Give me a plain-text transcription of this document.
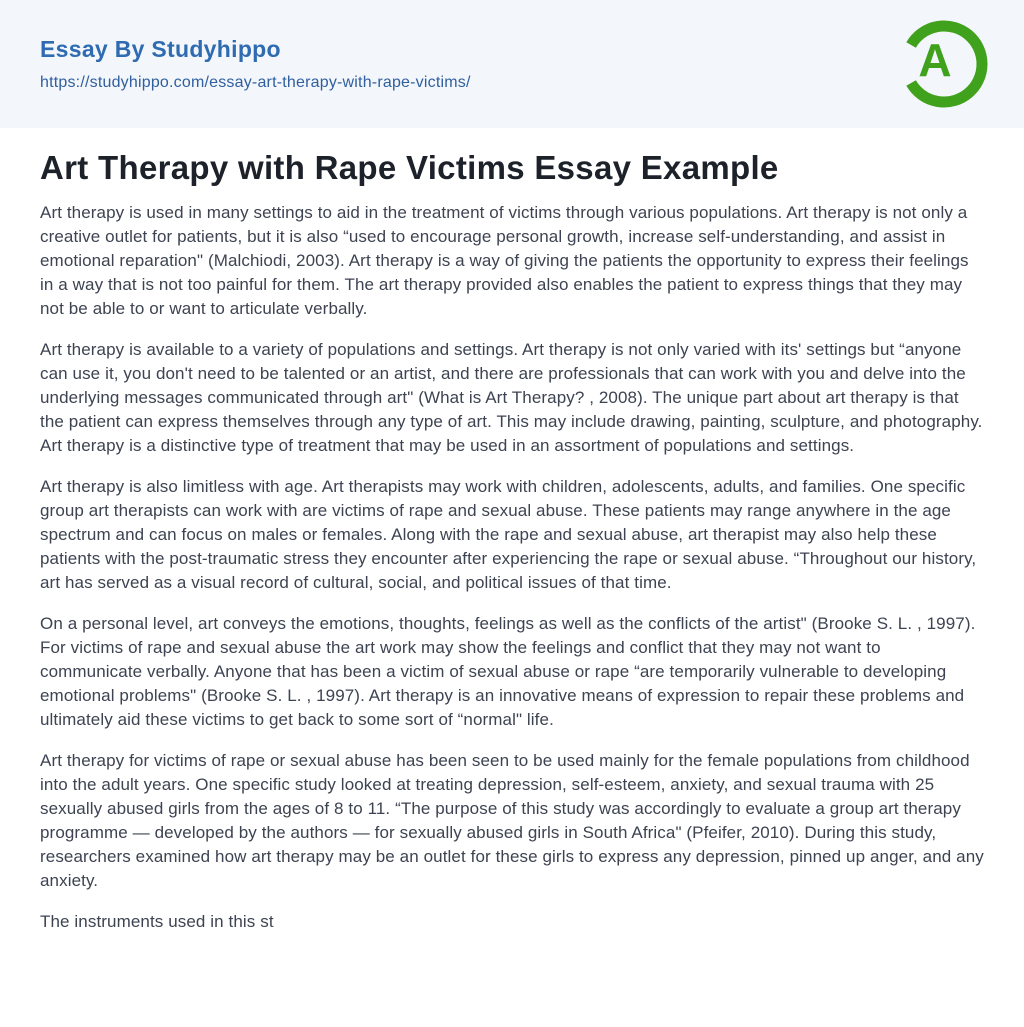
Essay By Studyhippo
https://studyhippo.com/essay-art-therapy-with-rape-victims/	A
Art Therapy with Rape Victims Essay Example

Art therapy is used in many settings to aid in the treatment of victims through various populations. Art therapy is not only a creative outlet for patients, but it is also “used to encourage personal growth, increase self-understanding, and assist in emotional reparation" (Malchiodi, 2003). Art therapy is a way of giving the patients the opportunity to express their feelings in a way that is not too painful for them. The art therapy provided also enables the patient to express things that they may not be able to or want to articulate verbally.

Art therapy is available to a variety of populations and settings. Art therapy is not only varied with its' settings but “anyone can use it, you don't need to be talented or an artist, and there are professionals that can work with you and delve into the underlying messages communicated through art" (What is Art Therapy? , 2008). The unique part about art therapy is that the patient can express themselves through any type of art. This may include drawing, painting, sculpture, and photography. Art therapy is a distinctive type of treatment that may be used in an assortment of populations and settings.

Art therapy is also limitless with age. Art therapists may work with children, adolescents, adults, and families. One specific group art therapists can work with are victims of rape and sexual abuse. These patients may range anywhere in the age spectrum and can focus on males or females. Along with the rape and sexual abuse, art therapist may also help these patients with the post-traumatic stress they encounter after experiencing the rape or sexual abuse. “Throughout our history, art has served as a visual record of cultural, social, and political issues of that time.

On a personal level, art conveys the emotions, thoughts, feelings as well as the conflicts of the artist" (Brooke S. L. , 1997). For victims of rape and sexual abuse the art work may show the feelings and conflict that they may not want to communicate verbally. Anyone that has been a victim of sexual abuse or rape “are temporarily vulnerable to developing emotional problems" (Brooke S. L. , 1997). Art therapy is an innovative means of expression to repair these problems and ultimately aid these victims to get back to some sort of “normal" life.

Art therapy for victims of rape or sexual abuse has been seen to be used mainly for the female populations from childhood into the adult years. One specific study looked at treating depression, self-esteem, anxiety, and sexual trauma with 25 sexually abused girls from the ages of 8 to 11. “The purpose of this study was accordingly to evaluate a group art therapy programme — developed by the authors — for sexually abused girls in South Africa" (Pfeifer, 2010). During this study, researchers examined how art therapy may be an outlet for these girls to express any depression, pinned up anger, and any anxiety.

The instruments used in this st
